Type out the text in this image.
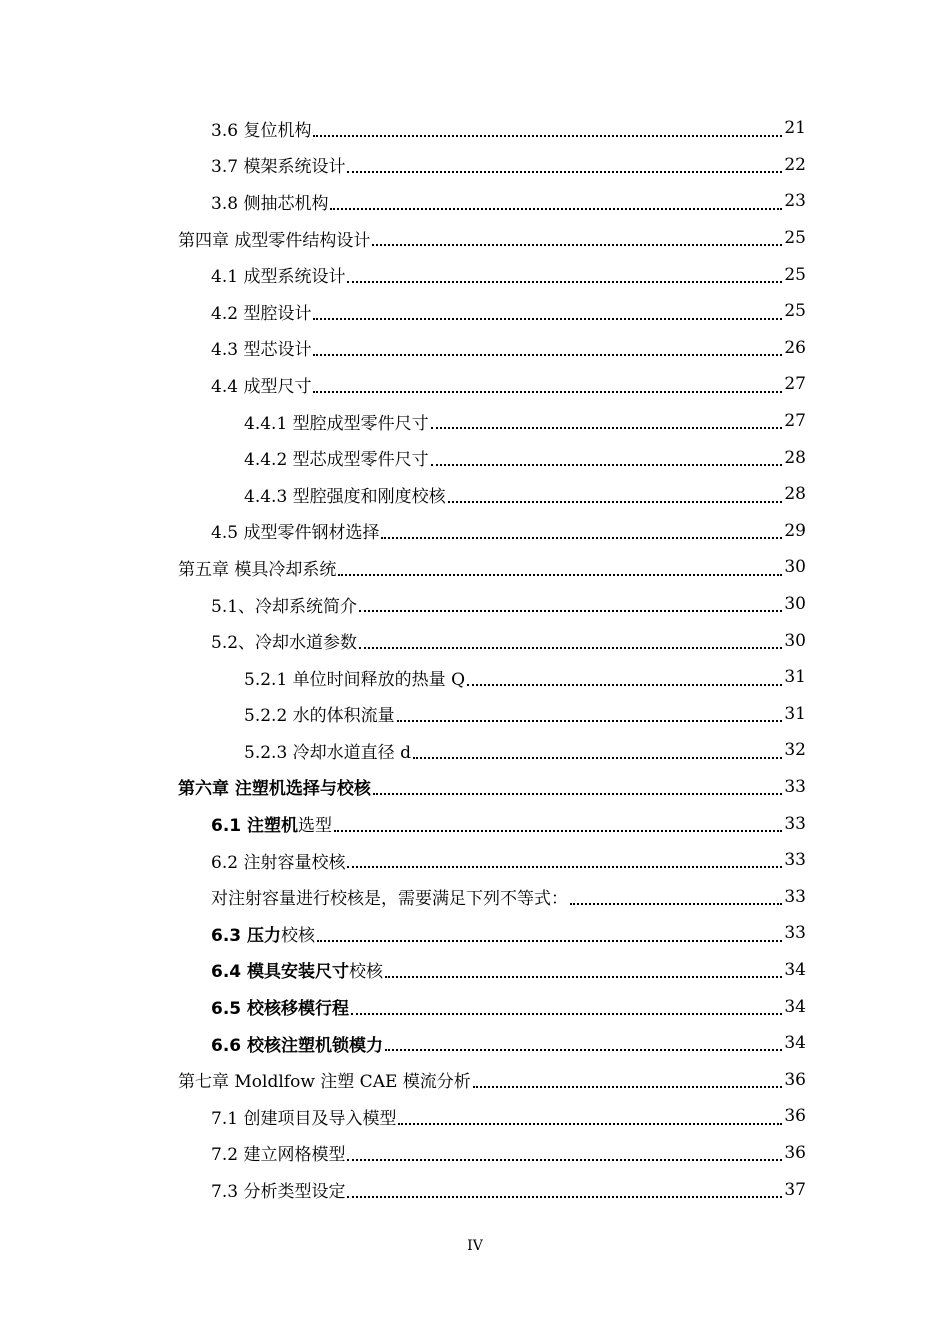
3.6 复位机构	21
3.7 模架系统设计	22
3.8 侧抽芯机构	23
第四章 成型零件结构设计	25
4.1 成型系统设计	25
4.2 型腔设计	25
4.3 型芯设计	26
4.4 成型尺寸	27
4.4.1 型腔成型零件尺寸	27
4.4.2 型芯成型零件尺寸	28
4.4.3 型腔强度和刚度校核	28
4.5 成型零件钢材选择	29
第五章 模具冷却系统	30
5.1、冷却系统简介	30
5.2、冷却水道参数	30
5.2.1 单位时间释放的热量 Q	31
5.2.2 水的体积流量	31
5.2.3 冷却水道直径 d	32
第六章 注塑机选择与校核	33
6.1 注塑机选型	33
6.2 注射容量校核	33
对注射容量进行校核是，需要满足下列不等式：	33
6.3 压力校核	33
6.4 模具安装尺寸校核	34
6.5 校核移模行程	34
6.6 校核注塑机锁模力	34
第七章 Moldlfow 注塑 CAE 模流分析	36
7.1 创建项目及导入模型	36
7.2 建立网格模型	36
7.3 分析类型设定	37
IV
